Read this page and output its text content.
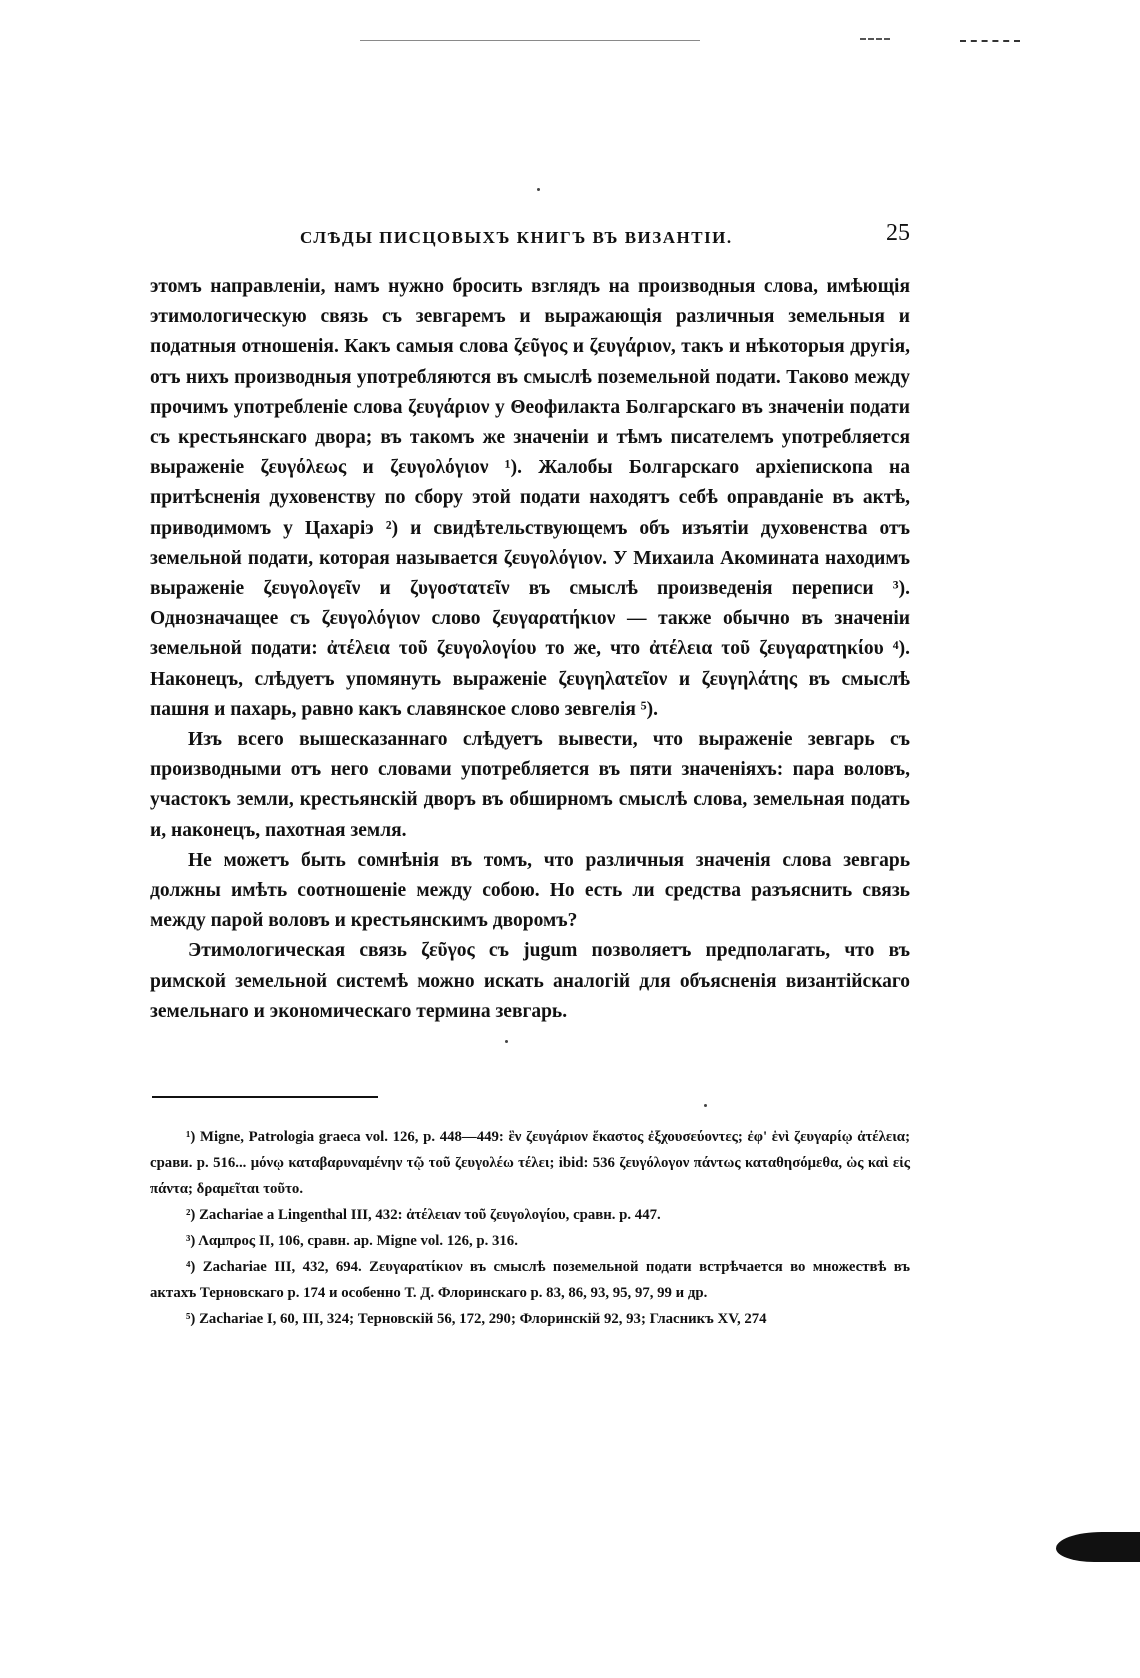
СЛѢДЫ ПИСЦОВЫХЪ КНИГЪ ВЪ ВИЗАНТІИ.	25

этомъ направленіи, намъ нужно бросить взглядъ на производныя слова, имѣющія этимологическую связь съ зевгаремъ и выражающія различныя земельныя и податныя отношенія. Какъ самыя слова ζεῦγος и ζευγάριον, такъ и нѣкоторыя другія, отъ нихъ производныя употребляются въ смыслѣ поземельной подати. Таково между прочимъ употребленіе слова ζευγάριον у Θеофилакта Болгарскаго въ значеніи подати съ крестьянскаго двора; въ такомъ же значеніи и тѣмъ писателемъ употребляется выраженіе ζευγόλεως и ζευγολόγιον ¹). Жалобы Болгарскаго архіепископа на притѣсненія духовенству по сбору этой подати находятъ себѣ оправданіе въ актѣ, приводимомъ у Цахаріэ ²) и свидѣтельствующемъ объ изъятіи духовенства отъ земельной подати, которая называется ζευγολόγιον. У Михаила Акомината находимъ выраженіе ζευγολογεῖν и ζυγοστατεῖν въ смыслѣ произведенія переписи ³). Однозначащее съ ζευγολόγιον слово ζευγαρατήκιον — также обычно въ значеніи земельной подати: ἀτέλεια τοῦ ζευγολογίου то же, что ἀτέλεια τοῦ ζευγαρατηκίου ⁴). Наконецъ, слѣдуетъ упомянуть выраженіе ζευγηλατεῖον и ζευγηλάτης въ смыслѣ пашня и пахарь, равно какъ славянское слово зевгелія ⁵).

Изъ всего вышесказаннаго слѣдуетъ вывести, что выраженіе зевгарь съ производными отъ него словами употребляется въ пяти значеніяхъ: пара воловъ, участокъ земли, крестьянскій дворъ въ обширномъ смыслѣ слова, земельная подать и, наконецъ, пахотная земля.

Не можетъ быть сомнѣнія въ томъ, что различныя значенія слова зевгарь должны имѣть соотношеніе между собою. Но есть ли средства разъяснить связь между парой воловъ и крестьянскимъ дворомъ?

Этимологическая связь ζεῦγος съ jugum позволяетъ предполагать, что въ римской земельной системѣ можно искать аналогій для объясненія византійскаго земельнаго и экономическаго термина зевгарь.

¹) Migne, Patrologia graeca vol. 126, p. 448—449: ἓν ζευγάριον ἕκαστος ἐξχουσεύοντες; ἐφ' ἑνὶ ζευγαρίῳ ἀτέλεια; срави. p. 516... μόνῳ καταβαρυναμένην τῷ τοῦ ζευγολέω τέλει; ibid: 536 ζευγόλογον πάντως καταθησόμεθα, ὡς καὶ εἰς πάντα; δραμεῖται τοῦτο.

²) Zachariae a Lingenthal III, 432: ἀτέλειαν τοῦ ζευγολογίου, сравн. p. 447.

³) Λαμπρος II, 106, сравн. ар. Migne vol. 126, p. 316.

⁴) Zachariae III, 432, 694. Ζευγαρατίκιον въ смыслѣ поземельной подати встрѣчается во множествѣ въ актахъ Терновскаго p. 174 и особенно Т. Д. Флоринскаго p. 83, 86, 93, 95, 97, 99 и др.

⁵) Zachariae I, 60, III, 324; Терновскій 56, 172, 290; Флоринскій 92, 93; Гласникъ XV, 274
